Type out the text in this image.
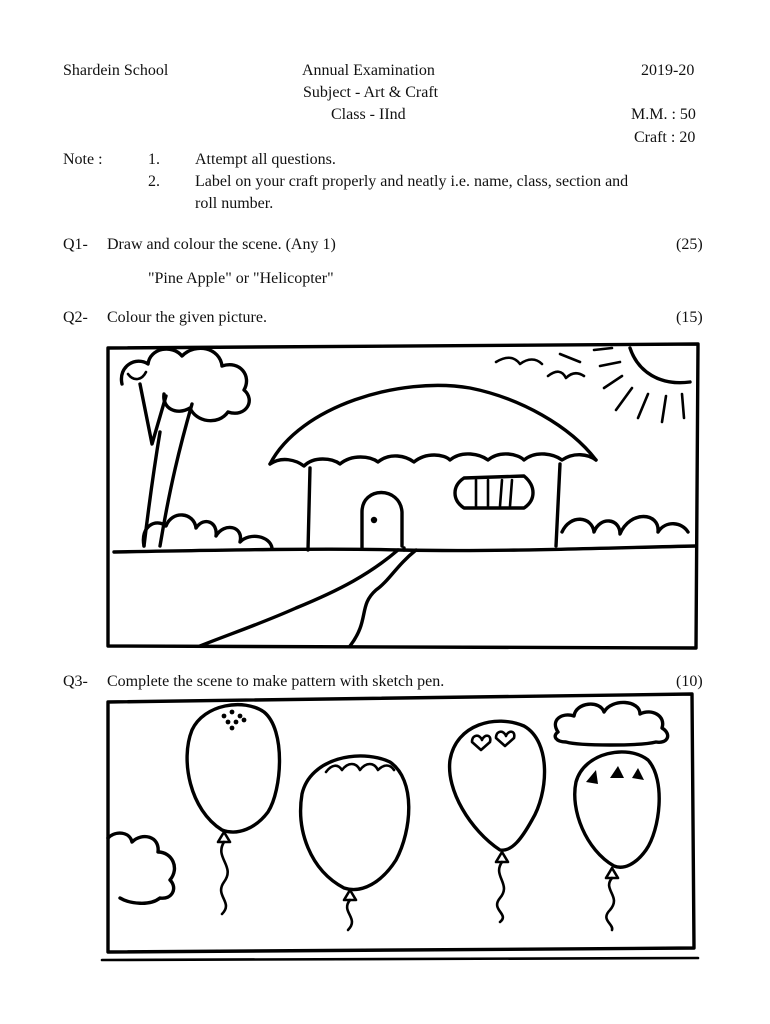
Shardein School	Annual Examination	2019-20
Subject - Art & Craft
Class - IInd	M.M. : 50
Craft : 20
Note :	1. Attempt all questions.
2. Label on your craft properly and neatly i.e. name, class, section and
roll number.
Q1- Draw and colour the scene. (Any 1)	(25)
"Pine Apple" or "Helicopter"
Q2- Colour the given picture.	(15)
Q3- Complete the scene to make pattern with sketch pen.	(10)
